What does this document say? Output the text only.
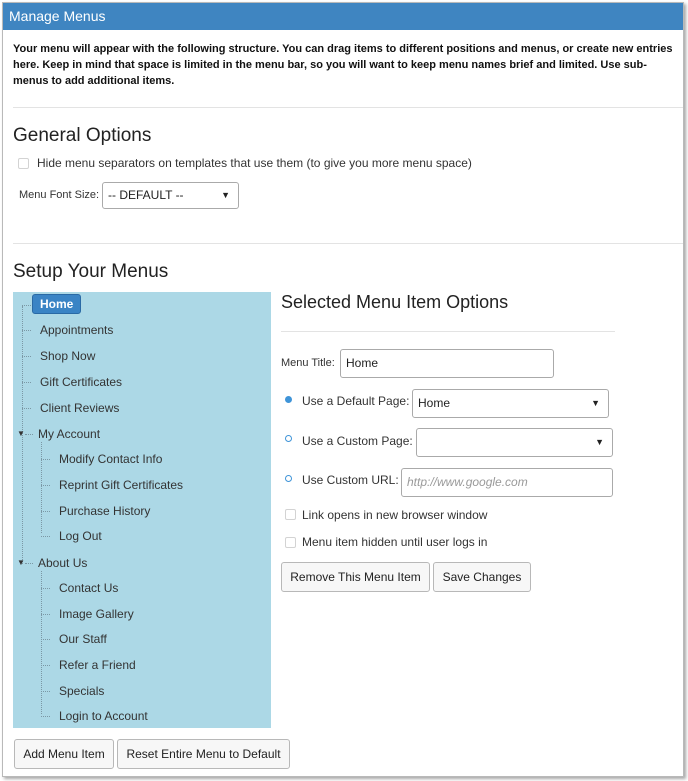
Manage Menus
Your menu will appear with the following structure. You can drag items to different positions and menus, or create new entries here. Keep in mind that space is limited in the menu bar, so you will want to keep menu names brief and limited. Use sub-menus to add additional items.
General Options
Hide menu separators on templates that use them (to give you more menu space)
Menu Font Size: -- DEFAULT --	▼
Setup Your Menus
▼
▼
Home
Appointments
Shop Now
Gift Certificates
Client Reviews
My Account
Modify Contact Info
Reprint Gift Certificates
Purchase History
Log Out
About Us
Contact Us
Image Gallery
Our Staff
Refer a Friend
Specials
Login to Account
Add Menu Item	Reset Entire Menu to Default
Selected Menu Item Options
Menu Title: Home
Use a Default Page: Home	▼
Use a Custom Page:	▼
Use Custom URL: http://www.google.com
Link opens in new browser window
Menu item hidden until user logs in
Remove This Menu Item	Save Changes
